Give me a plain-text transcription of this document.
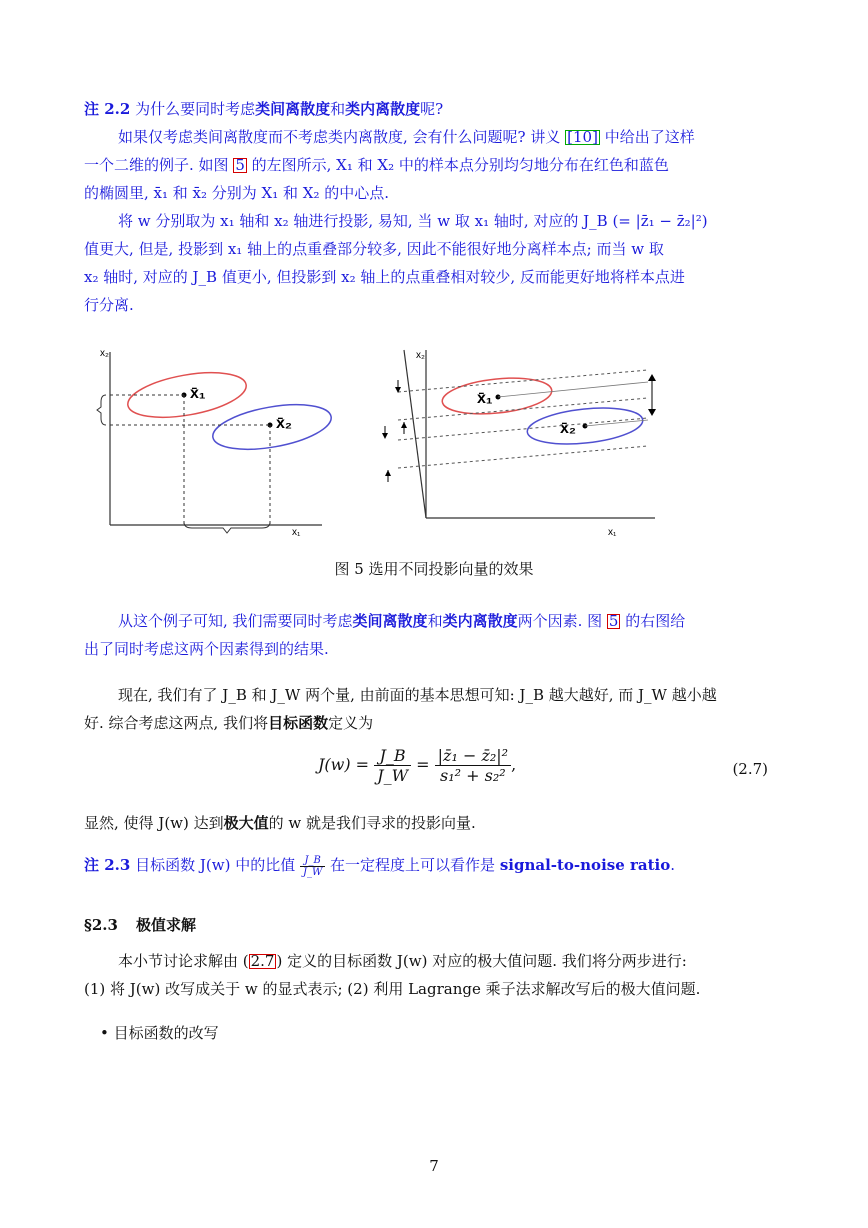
注 2.2 为什么要同时考虑类间离散度和类内离散度呢?
如果仅考虑类间离散度而不考虑类内离散度, 会有什么问题呢? 讲义 [10] 中给出了这样
一个二维的例子. 如图 5 的左图所示, X₁ 和 X₂ 中的样本点分别均匀地分布在红色和蓝色
的椭圆里, x̄₁ 和 x̄₂ 分别为 X₁ 和 X₂ 的中心点.
将 w 分别取为 x₁ 轴和 x₂ 轴进行投影, 易知, 当 w 取 x₁ 轴时, 对应的 J_B (= |z̄₁ − z̄₂|²)
值更大, 但是, 投影到 x₁ 轴上的点重叠部分较多, 因此不能很好地分离样本点; 而当 w 取
x₂ 轴时, 对应的 J_B 值更小, 但投影到 x₂ 轴上的点重叠相对较少, 反而能更好地将样本点进
行分离.
x₂
x₁
x̄₁
x̄₂
x₂
x₁
x̄₁
x̄₂
图 5 选用不同投影向量的效果
从这个例子可知, 我们需要同时考虑类间离散度和类内离散度两个因素. 图 5 的右图给
出了同时考虑这两个因素得到的结果.
现在, 我们有了 J_B 和 J_W 两个量, 由前面的基本思想可知: J_B 越大越好, 而 J_W 越小越
好. 综合考虑这两点, 我们将目标函数定义为
$J(w) = \frac{J\_B}{J\_W} = \frac{\text{|z̄₁ − z̄₂|²}}{\text{s₁² + s₂²}}$ ,	(2.7)
显然, 使得 J(w) 达到极大值的 w 就是我们寻求的投影向量.
注 2.3 目标函数 J(w) 中的比值 $\frac{J\_B}{J\_W}$ 在一定程度上可以看作是 signal-to-noise ratio.
§2.3 极值求解
本小节讨论求解由 ( 2.7 ) 定义的目标函数 J(w) 对应的极大值问题. 我们将分两步进行:
(1) 将 J(w) 改写成关于 w 的显式表示; (2) 利用 Lagrange 乘子法求解改写后的极大值问题.
• 目标函数的改写
7
